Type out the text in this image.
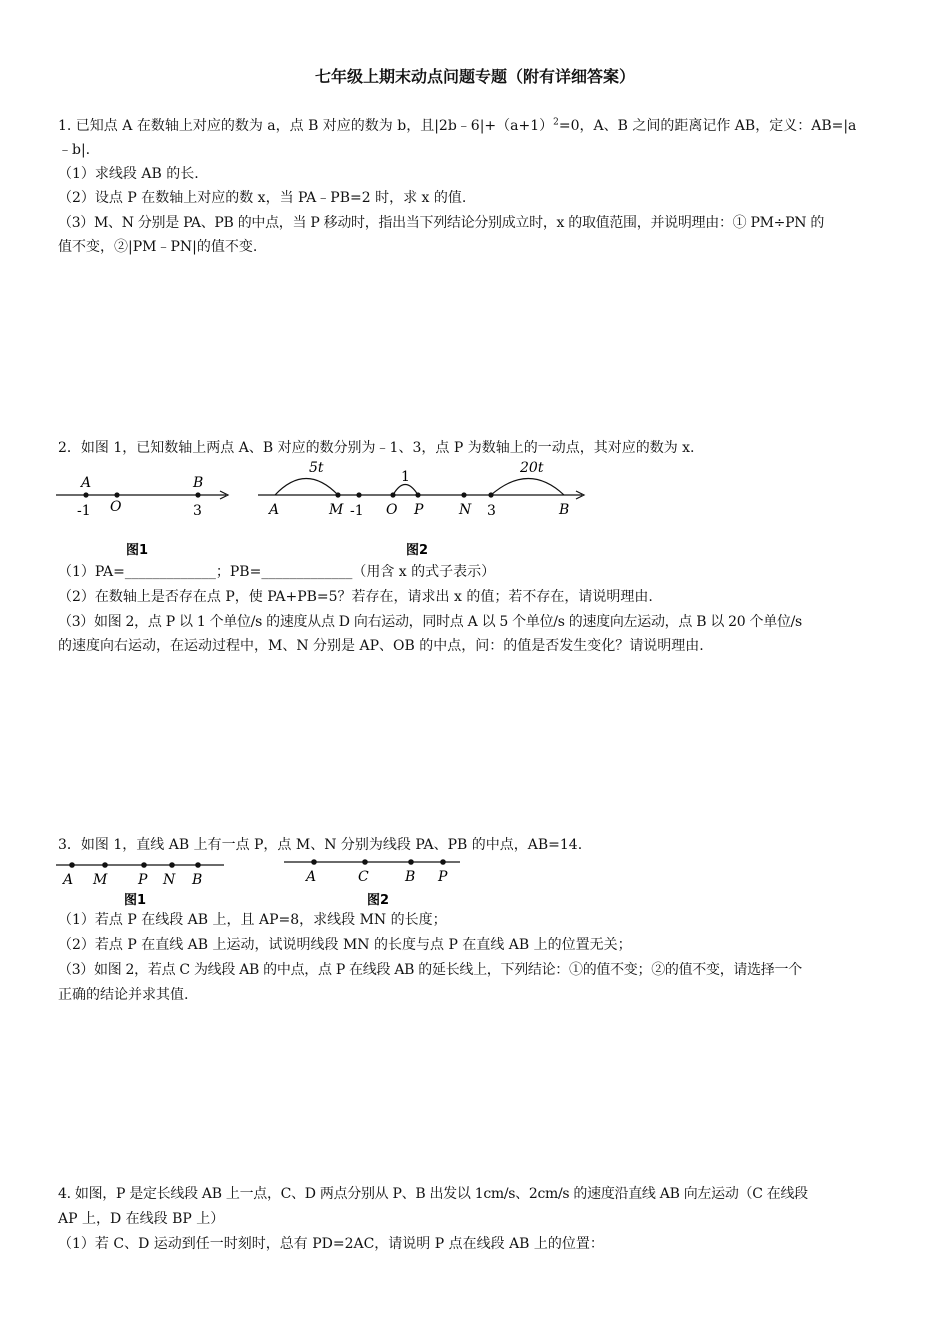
七年级上期末动点问题专题（附有详细答案）
1. 已知点 A 在数轴上对应的数为 a，点 B 对应的数为 b，且$|2b﹣6|+(a+1)^2=0$，A、B 之间的距离记作 AB，定义：AB=|a
﹣b|.
（1）求线段 AB 的长.
（2）设点 P 在数轴上对应的数 x，当 PA﹣PB=2 时，求 x 的值.
（3）M、N 分别是 PA、PB 的中点，当 P 移动时，指出当下列结论分别成立时，x 的取值范围，并说明理由：① PM÷PN 的
值不变，②|PM﹣PN|的值不变.
2．如图 1，已知数轴上两点 A、B 对应的数分别为﹣1、3，点 P 为数轴上的一动点，其对应的数为 x.
A	B
O
-1	3
图1
5t
1
20t
A	M -1 O P	N 3	B
图2
（1）PA=_____________；PB=_____________（用含 x 的式子表示）
（2）在数轴上是否存在点 P，使 PA+PB=5？若存在，请求出 x 的值；若不存在，请说明理由.
（3）如图 2，点 P 以 1 个单位/s 的速度从点 D 向右运动，同时点 A 以 5 个单位/s 的速度向左运动，点 B 以 20 个单位/s
的速度向右运动，在运动过程中，M、N 分别是 AP、OB 的中点，问：的值是否发生变化？请说明理由.
3．如图 1，直线 AB 上有一点 P，点 M、N 分别为线段 PA、PB 的中点，AB=14.
A M P N B
图1
A	C	B P
图2
（1）若点 P 在线段 AB 上，且 AP=8，求线段 MN 的长度；
（2）若点 P 在直线 AB 上运动，试说明线段 MN 的长度与点 P 在直线 AB 上的位置无关；
（3）如图 2，若点 C 为线段 AB 的中点，点 P 在线段 AB 的延长线上，下列结论：①的值不变；②的值不变，请选择一个
正确的结论并求其值.
4. 如图，P 是定长线段 AB 上一点，C、D 两点分别从 P、B 出发以 1cm/s、2cm/s 的速度沿直线 AB 向左运动（C 在线段
AP 上，D 在线段 BP 上）
（1）若 C、D 运动到任一时刻时，总有 PD=2AC，请说明 P 点在线段 AB 上的位置：
